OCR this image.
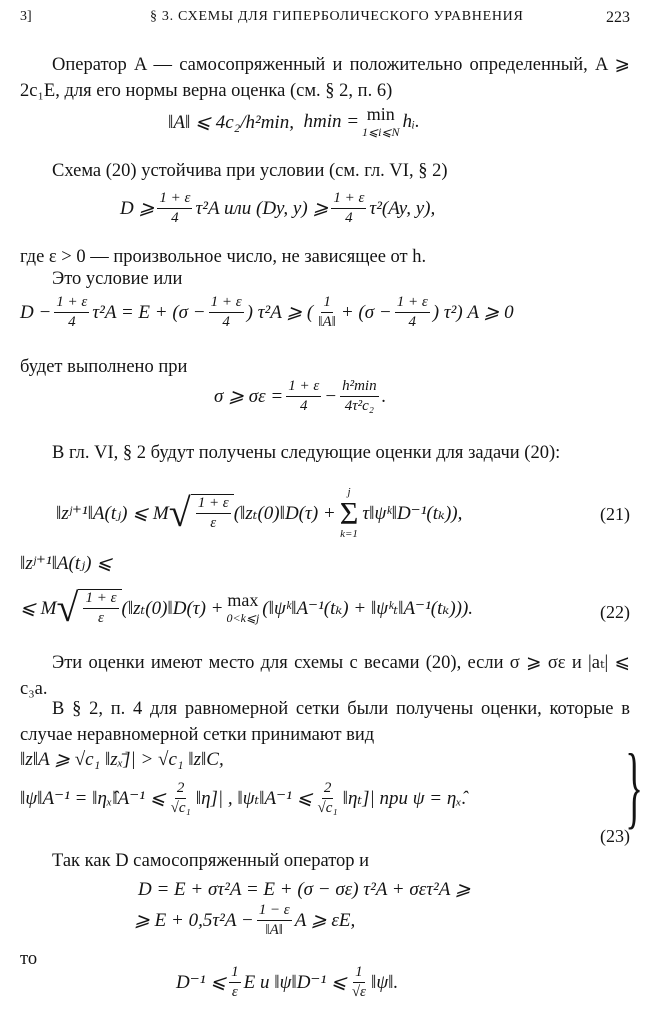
3]	§ 3. СХЕМЫ ДЛЯ ГИПЕРБОЛИЧЕСКОГО УРАВНЕНИЯ	223
Оператор A — самосопряженный и положительно определенный, A ⩾ 2c₁E, для его нормы верна оценка (см. § 2, п. 6)
‖A‖ ⩽ 4c₂/h²min,
hmin = min
1⩽i⩽N hᵢ.
Схема (20) устойчива при условии (см. гл. VI, § 2)
D ⩾ $\frac{1 + \varepsilon}{4} \tau^2A$ или (Dy, y) ⩾ $\frac{1 + \varepsilon}{4} \tau^2(Ay$, y),
где ε > 0 — произвольное число, не зависящее от h.
Это условие или
$D - \frac{1 + \varepsilon}{4} \tau^2A = E + (\sigma - \frac{1 + \varepsilon}{4}$ ) τ²A ⩾ ( $\frac{1}{‖A‖} + (\sigma - \frac{1 + \varepsilon}{4}$ ) τ²) A ⩾ 0
будет выполнено при
σ ⩾ $\sigma\varepsilon = \frac{1 + \varepsilon}{4} - \frac{\text{h²min}}{\text{4τ²c₂}}$ .
В гл. VI, § 2 будут получены следующие оценки для задачи (20):
‖zʲ⁺¹‖A(tⱼ) ⩽ M √ $\frac{1 + \varepsilon}{\varepsilon}$ (‖zₜ(0)‖D(τ) +
j
Σ
k=1
τ‖ψᵏ‖D⁻¹(tₖ)),	(21)
‖zʲ⁺¹‖A(tⱼ) ⩽
⩽ M √ $\frac{1 + \varepsilon}{\varepsilon}$ (‖zₜ(0)‖D(τ) + max
0<k⩽j (‖ψᵏ‖A⁻¹(tₖ) + ‖ψᵏₜ‖A⁻¹(tₖ))).	(22)
Эти оценки имеют место для схемы с весами (20), если σ ⩾ σε и |aₜ| ⩽ c₃a.
В § 2, п. 4 для равномерной сетки были получены оценки, которые в случае неравномерной сетки принимают вид
‖z‖A ⩾ √c₁ ‖zₓ̄]| > √c₁ ‖z‖C,
‖ψ‖A⁻¹ = ‖ηₓ̂‖A⁻¹ ⩽ $\frac{2}{\text{√c₁}}$ ‖η]| , ‖ψₜ‖A⁻¹ ⩽ $\frac{2}{\text{√c₁}}$ ‖ηₜ]| при ψ = ηₓ̂. }
(23)
Так как D самосопряженный оператор и
D = E + στ²A = E + (σ − σε) τ²A + σετ²A ⩾
⩾ $E + 0,5\tau^2A - \frac{1 - \varepsilon}{‖A‖}$ A ⩾ εE,
то
D⁻¹ ⩽ $\frac{1}{\varepsilon}$ E и ‖ψ‖D⁻¹ ⩽ $\frac{1}{√\varepsilon}$ ‖ψ‖.
